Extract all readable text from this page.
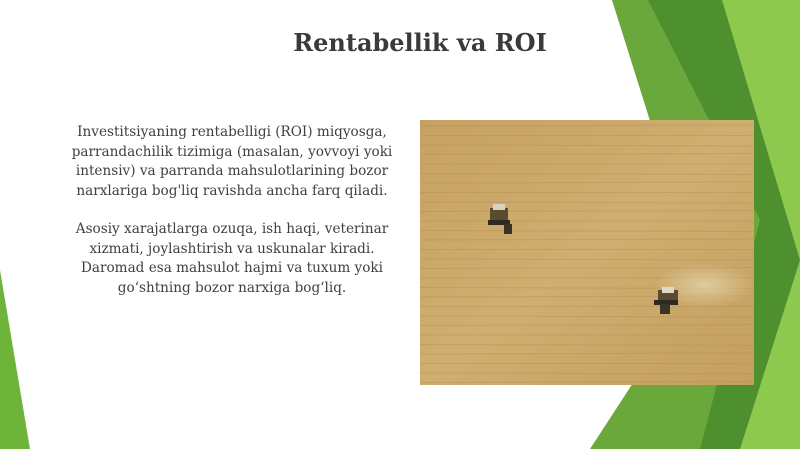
Rentabellik va ROI

Investitsiyaning rentabelligi (ROI) miqyosga, parrandachilik tizimiga (masalan, yovvoyi yoki intensiv) va parranda mahsulotlarining bozor narxlariga bog'liq ravishda ancha farq qiladi.

Asosiy xarajatlarga ozuqa, ish haqi, veterinar xizmati, joylashtirish va uskunalar kiradi. Daromad esa mahsulot hajmi va tuxum yoki go‘shtning bozor narxiga bog‘liq.
